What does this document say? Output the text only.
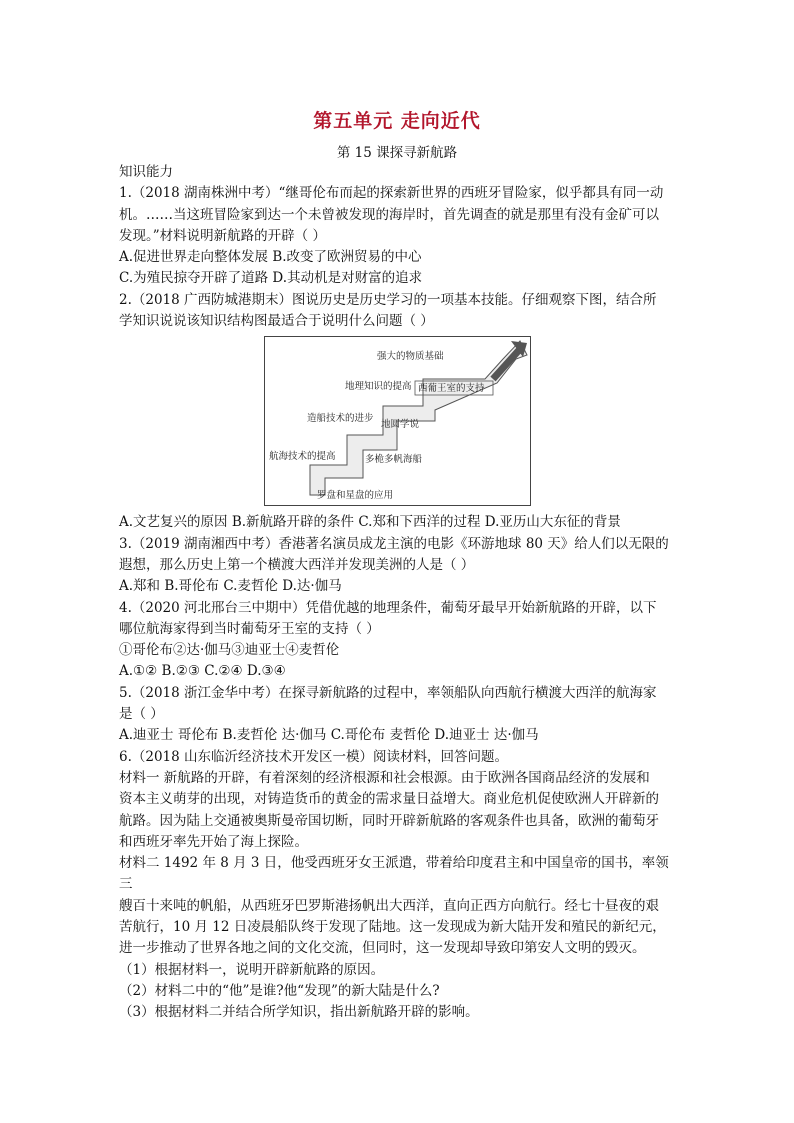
第五单元 走向近代
第 15 课探寻新航路

知识能力

1.（2018 湖南株洲中考）“继哥伦布而起的探索新世界的西班牙冒险家，似乎都具有同一动

机。……当这班冒险家到达一个未曾被发现的海岸时，首先调查的就是那里有没有金矿可以

发现。”材料说明新航路的开辟（ ）

A.促进世界走向整体发展 B.改变了欧洲贸易的中心

C.为殖民掠夺开辟了道路 D.其动机是对财富的追求

2.（2018 广西防城港期末）图说历史是历史学习的一项基本技能。仔细观察下图，结合所

学知识说说该知识结构图最适合于说明什么问题（ ）

强大的物质基础
地理知识的提高 西葡王室的支持
造船技术的进步
地圆学说
航海技术的提高	多桅多帆海船
罗盘和星盘的应用

A.文艺复兴的原因 B.新航路开辟的条件 C.郑和下西洋的过程 D.亚历山大东征的背景

3.（2019 湖南湘西中考）香港著名演员成龙主演的电影《环游地球 80 天》给人们以无限的

遐想，那么历史上第一个横渡大西洋并发现美洲的人是（ ）

A.郑和 B.哥伦布 C.麦哲伦 D.达·伽马

4.（2020 河北邢台三中期中）凭借优越的地理条件，葡萄牙最早开始新航路的开辟，以下

哪位航海家得到当时葡萄牙王室的支持（ ）

①哥伦布②达·伽马③迪亚士④麦哲伦

A.①② B.②③ C.②④ D.③④

5.（2018 浙江金华中考）在探寻新航路的过程中，率领船队向西航行横渡大西洋的航海家

是（ ）

A.迪亚士 哥伦布 B.麦哲伦 达·伽马 C.哥伦布 麦哲伦 D.迪亚士 达·伽马

6.（2018 山东临沂经济技术开发区一模）阅读材料，回答问题。

材料一 新航路的开辟，有着深刻的经济根源和社会根源。由于欧洲各国商品经济的发展和

资本主义萌芽的出现，对铸造货币的黄金的需求量日益增大。商业危机促使欧洲人开辟新的

航路。因为陆上交通被奥斯曼帝国切断，同时开辟新航路的客观条件也具备，欧洲的葡萄牙

和西班牙率先开始了海上探险。

材料二 1492 年 8 月 3 日，他受西班牙女王派遣，带着给印度君主和中国皇帝的国书，率领三

艘百十来吨的帆船，从西班牙巴罗斯港扬帆出大西洋，直向正西方向航行。经七十昼夜的艰

苦航行，10 月 12 日凌晨船队终于发现了陆地。这一发现成为新大陆开发和殖民的新纪元，

进一步推动了世界各地之间的文化交流，但同时，这一发现却导致印第安人文明的毁灭。

（1）根据材料一，说明开辟新航路的原因。

（2）材料二中的“他”是谁?他“发现”的新大陆是什么?

（3）根据材料二并结合所学知识，指出新航路开辟的影响。
